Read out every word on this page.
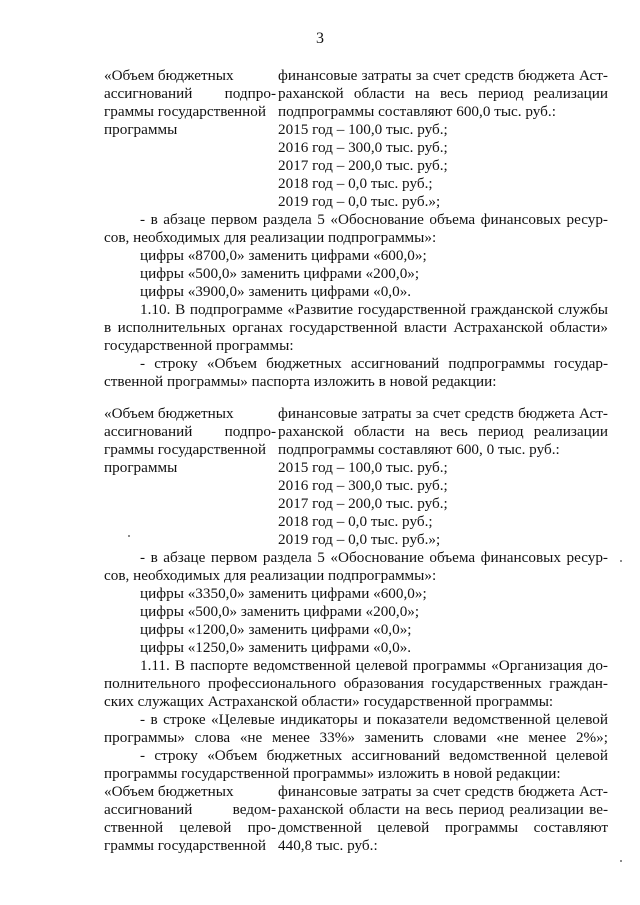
3
«Объем бюджетных
ассигнований подпро-
граммы государственной
программы
финансовые затраты за счет средств бюджета Аст-
раханской области на весь период реализации
подпрограммы составляют 600,0 тыс. руб.:
2015 год – 100,0 тыс. руб.;
2016 год – 300,0 тыс. руб.;
2017 год – 200,0 тыс. руб.;
2018 год – 0,0 тыс. руб.;
2019 год – 0,0 тыс. руб.»;
- в абзаце первом раздела 5 «Обоснование объема финансовых ресур-
сов, необходимых для реализации подпрограммы»:
цифры «8700,0» заменить цифрами «600,0»;
цифры «500,0» заменить цифрами «200,0»;
цифры «3900,0» заменить цифрами «0,0».
1.10. В подпрограмме «Развитие государственной гражданской службы
в исполнительных органах государственной власти Астраханской области»
государственной программы:
- строку «Объем бюджетных ассигнований подпрограммы государ-
ственной программы» паспорта изложить в новой редакции:
«Объем бюджетных
ассигнований подпро-
граммы государственной
программы
финансовые затраты за счет средств бюджета Аст-
раханской области на весь период реализации
подпрограммы составляют 600, 0 тыс. руб.:
2015 год – 100,0 тыс. руб.;
2016 год – 300,0 тыс. руб.;
2017 год – 200,0 тыс. руб.;
2018 год – 0,0 тыс. руб.;
2019 год – 0,0 тыс. руб.»;
- в абзаце первом раздела 5 «Обоснование объема финансовых ресур-
сов, необходимых для реализации подпрограммы»:
цифры «3350,0» заменить цифрами «600,0»;
цифры «500,0» заменить цифрами «200,0»;
цифры «1200,0» заменить цифрами «0,0»;
цифры «1250,0» заменить цифрами «0,0».
1.11. В паспорте ведомственной целевой программы «Организация до-
полнительного профессионального образования государственных граждан-
ских служащих Астраханской области» государственной программы:
- в строке «Целевые индикаторы и показатели ведомственной целевой
программы» слова «не менее 33%» заменить словами «не менее 2%»;
- строку «Объем бюджетных ассигнований ведомственной целевой
программы государственной программы» изложить в новой редакции:
«Объем бюджетных
ассигнований ведом-
ственной целевой про-
граммы государственной
финансовые затраты за счет средств бюджета Аст-
раханской области на весь период реализации ве-
домственной целевой программы составляют
440,8 тыс. руб.:
